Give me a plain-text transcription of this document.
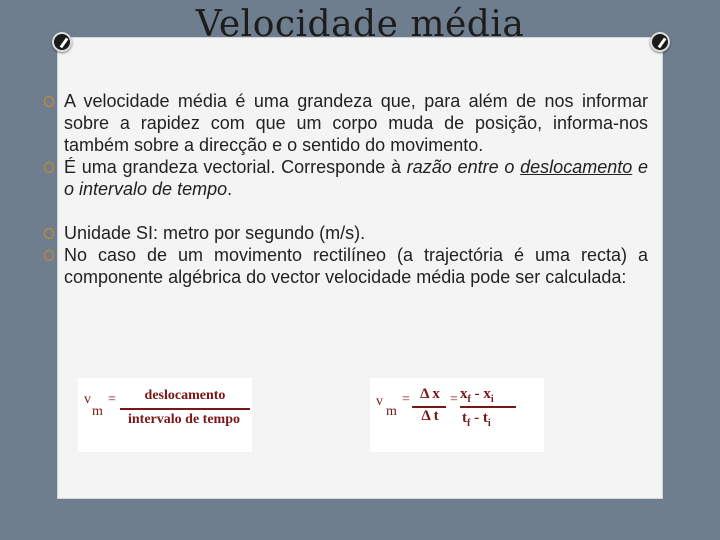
Velocidade média
A velocidade média é uma grandeza que, para além de nos informar sobre a rapidez com que um corpo muda de posição, informa-nos também sobre a direcção e o sentido do movimento.
É uma grandeza vectorial. Corresponde à razão entre o deslocamento e o intervalo de tempo.
Unidade SI: metro por segundo (m/s).
No caso de um movimento rectilíneo (a trajectória é uma recta) a componente algébrica do vector velocidade média pode ser calculada:
v
m
=	deslocamento
intervalo de tempo
v
m
= Δ x
Δ t
= $x_f - x_i$
$t_f - t_i$
